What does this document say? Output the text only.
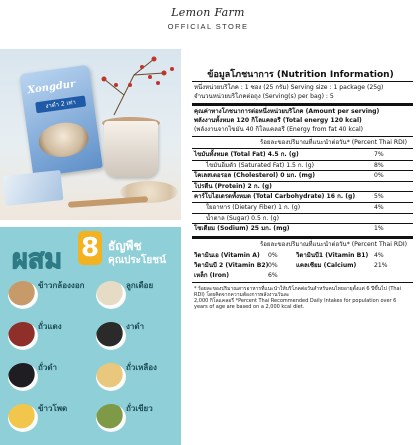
Lemon Farm
OFFICIAL STORE
Xongdur
งาดำ 2 เท่า
ผสม 8 ธัญพืช
คุณประโยชน์
ข้าวกล้องงอก	ลูกเดือย
ถั่วแดง	งาดำ
ถั่วดำ	ถั่วเหลือง
ข้าวโพด	ถั่วเขียว
ข้อมูลโภชนาการ (Nutrition Information)
หนึ่งหน่วยบริโภค : 1 ซอง (25 กรัม) Serving size : 1 package (25g)
จำนวนหน่วยบริโภคต่อถุง (Serving(s) per bag) : 5
คุณค่าทางโภชนาการต่อหนึ่งหน่วยบริโภค (Amount per serving)
พลังงานทั้งหมด 120 กิโลแคลอรี (Total energy 120 kcal)
(พลังงานจากไขมัน 40 กิโลแคลอรี (Energy from fat 40 kcal)
ร้อยละของปริมาณที่แนะนำต่อวัน* (Percent Thai RDI)
ไขมันทั้งหมด (Total Fat) 4.5 ก. (g)	7%
ไขมันอิ่มตัว (Saturated Fat) 1.5 ก. (g)	8%
โคเลสเตอรอล (Cholesterol) 0 มก. (mg)	0%
โปรตีน (Protein) 2 ก. (g)
คาร์โบไฮเดรตทั้งหมด (Total Carbohydrate) 16 ก. (g)	5%
ใยอาหาร (Dietary Fiber) 1 ก. (g)	4%
น้ำตาล (Sugar) 0.5 ก. (g)
โซเดียม (Sodium) 25 มก. (mg)	1%
ร้อยละของปริมาณที่แนะนำต่อวัน* (Percent Thai RDI)
วิตามินเอ (Vitamin A) 0%	วิตามินบี1 (Vitamin B1) 4%
วิตามินบี 2 (Vitamin B2) 0%	แคลเซียม (Calcium)	21%
เหล็ก (Iron)	6%
* ร้อยละของปริมาณสารอาหารที่แนะนำให้บริโภคต่อวันสำหรับคนไทยอายุตั้งแต่ 6 ปีขึ้นไป (Thai RDI) โดยคิดจากความต้องการพลังงานวันละ
2,000 กิโลแคลอรี *Percent Thai Recommended Daily Intakes for population over 6 years of age are based on a 2,000 kcal diet.
